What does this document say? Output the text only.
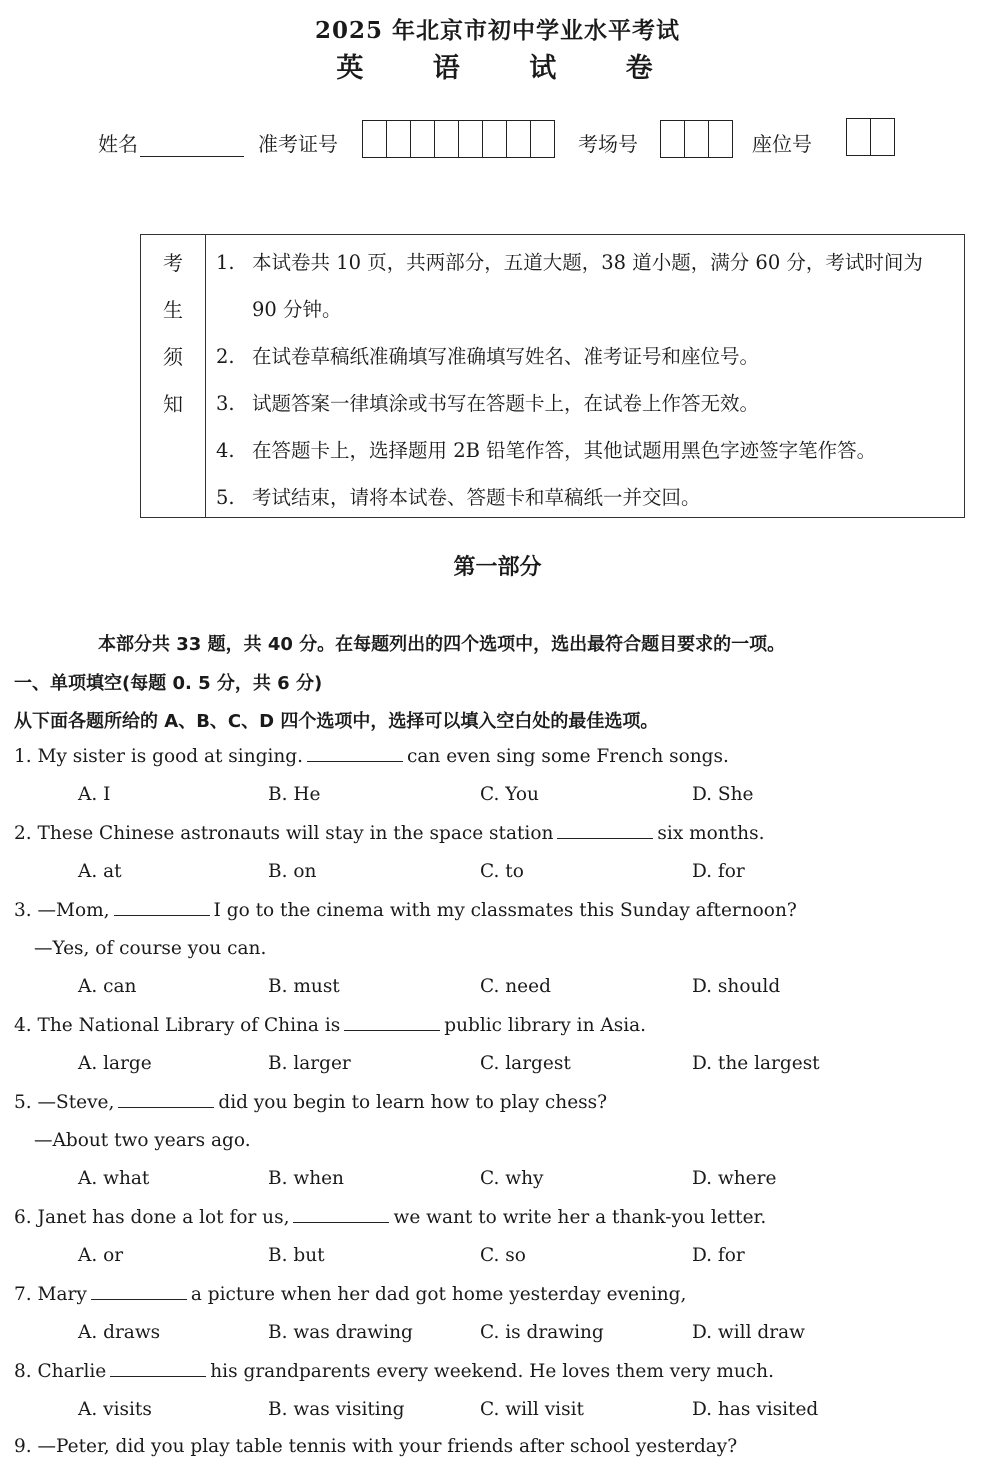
2025 年北京市初中学业水平考试
英 语 试 卷
姓名	准考证号	考场号	座位号
考
生
须
知
1. 本试卷共 10 页，共两部分，五道大题，38 道小题，满分 60 分，考试时间为
90 分钟。
2. 在试卷草稿纸准确填写准确填写姓名、准考证号和座位号。
3. 试题答案一律填涂或书写在答题卡上，在试卷上作答无效。
4. 在答题卡上，选择题用 2B 铅笔作答，其他试题用黑色字迹签字笔作答。
5. 考试结束，请将本试卷、答题卡和草稿纸一并交回。
第一部分
本部分共 33 题，共 40 分。在每题列出的四个选项中，选出最符合题目要求的一项。
一、单项填空(每题 0. 5 分，共 6 分)
从下面各题所给的 A、B、C、D 四个选项中，选择可以填入空白处的最佳选项。
1. My sister is good at singing.	can even sing some French songs.
A. I	B. He	C. You	D. She
2. These Chinese astronauts will stay in the space station	six months.
A. at	B. on	C. to	D. for
3. —Mom,	I go to the cinema with my classmates this Sunday afternoon?
—Yes, of course you can.
A. can	B. must	C. need	D. should
4. The National Library of China is	public library in Asia.
A. large	B. larger	C. largest	D. the largest
5. —Steve,	did you begin to learn how to play chess?
—About two years ago.
A. what	B. when	C. why	D. where
6. Janet has done a lot for us,	we want to write her a thank-you letter.
A. or	B. but	C. so	D. for
7. Mary	a picture when her dad got home yesterday evening,
A. draws	B. was drawing	C. is drawing	D. will draw
8. Charlie	his grandparents every weekend. He loves them very much.
A. visits	B. was visiting	C. will visit	D. has visited
9. —Peter, did you play table tennis with your friends after school yesterday?
